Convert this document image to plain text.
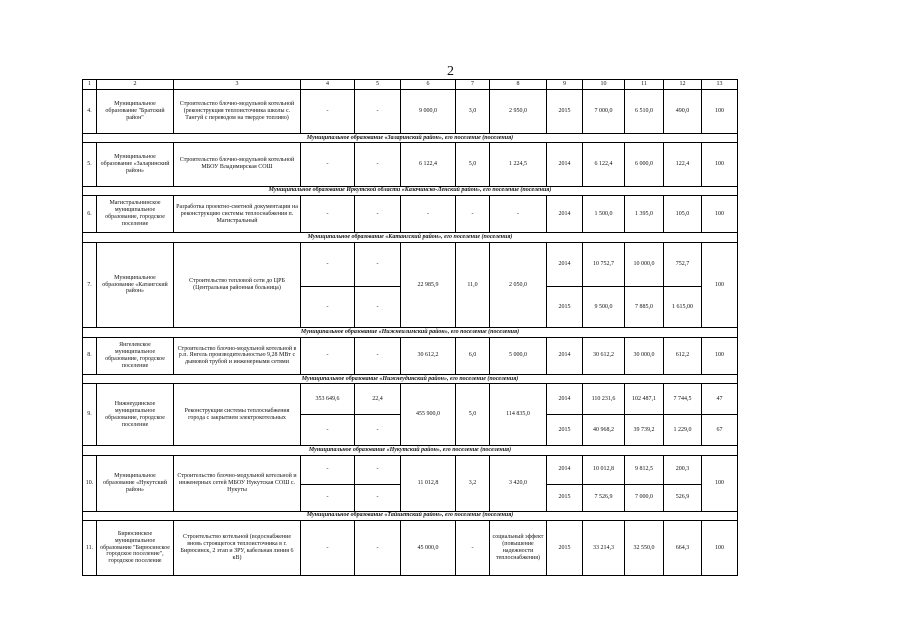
2
1	2	3	4	5	6	7	8	9	10	11	12	13
4.	Муниципальное образование "Братский район"	Строительство блочно-модульной котельной (реконструкция теплоисточника школы с. Тангуй с переводом на твердое топливо)	-	-	9 000,0	3,0	2 950,0	2015	7 000,0	6 510,0	490,0	100
Муниципальное образование «Заларинский район», его поселение (поселения)												
5.	Муниципальное образование «Заларинский район»	Строительство блочно-модульной котельной МБОУ Владимирская СОШ	-	-	6 122,4	5,0	1 224,5	2014	6 122,4	6 000,0	122,4	100
Муниципальное образование Иркутской области «Казачинско-Ленский район», его поселение (поселения)												
6.	Магистральнинское муниципальное образование, городское поселение	Разработка проектно-сметной документации на реконструкцию системы теплоснабжения п. Магистральный	-	-	-	-	-	2014	1 500,0	1 395,0	105,0	100
Муниципальное образование «Катангский район», его поселение (поселения)												
7.	Муниципальное образование «Катангский район»	Строительство тепловой сети до ЦРБ (Центральная районная больница)	-	-	22 985,9	11,0	2 050,0	2014	10 752,7	10 000,0	752,7	100
			-	-				2015	9 500,0	7 885,0	1 615,00	
Муниципальное образование «Нижнеилимский район», его поселение (поселения)												
8.	Янгелевское муниципальное образование, городское поселение	Строительство блочно-модульной котельной в р.п. Янгель производительностью 9,28 МВт с дымовой трубой и инженерными сетями	-	-	30 612,2	6,0	5 000,0	2014	30 612,2	30 000,0	612,2	100
Муниципальное образование «Нижнеудинский район», его поселение (поселения)												
9.	Нижнеудинское муниципальное образование, городское поселение	Реконструкция системы теплоснабжения города с закрытием электрокотельных	353 649,6	22,4	455 900,0	5,0	114 835,0	2014	110 231,6	102 487,1	7 744,5	47
			-	-				2015	40 968,2	39 739,2	1 229,0	67
Муниципальное образование «Нукутский район», его поселение (поселения)												
10.	Муниципальное образование «Нукутский район»	Строительство блочно-модульной котельной и инженерных сетей МБОУ Нукутская СОШ с. Нукуты	-	-	11 012,8	3,2	3 420,0	2014	10 012,8	9 812,5	200,3	100
			-	-				2015	7 526,9	7 000,0	526,9	
Муниципальное образование «Тайшетский район», его поселение (поселения)												
11.	Бирюсинское муниципальное образование "Бирюсинское городское поселение", городское поселение	Строительство котельной (водоснабжение вновь строящегося теплоисточника в г. Бирюсинск, 2 этап и ЗРУ, кабельная линия 6 кВ)	-	-	45 000,0	-	социальный эффект (повышение надежности теплоснабжения)	2015	33 214,3	32 550,0	664,3	100
